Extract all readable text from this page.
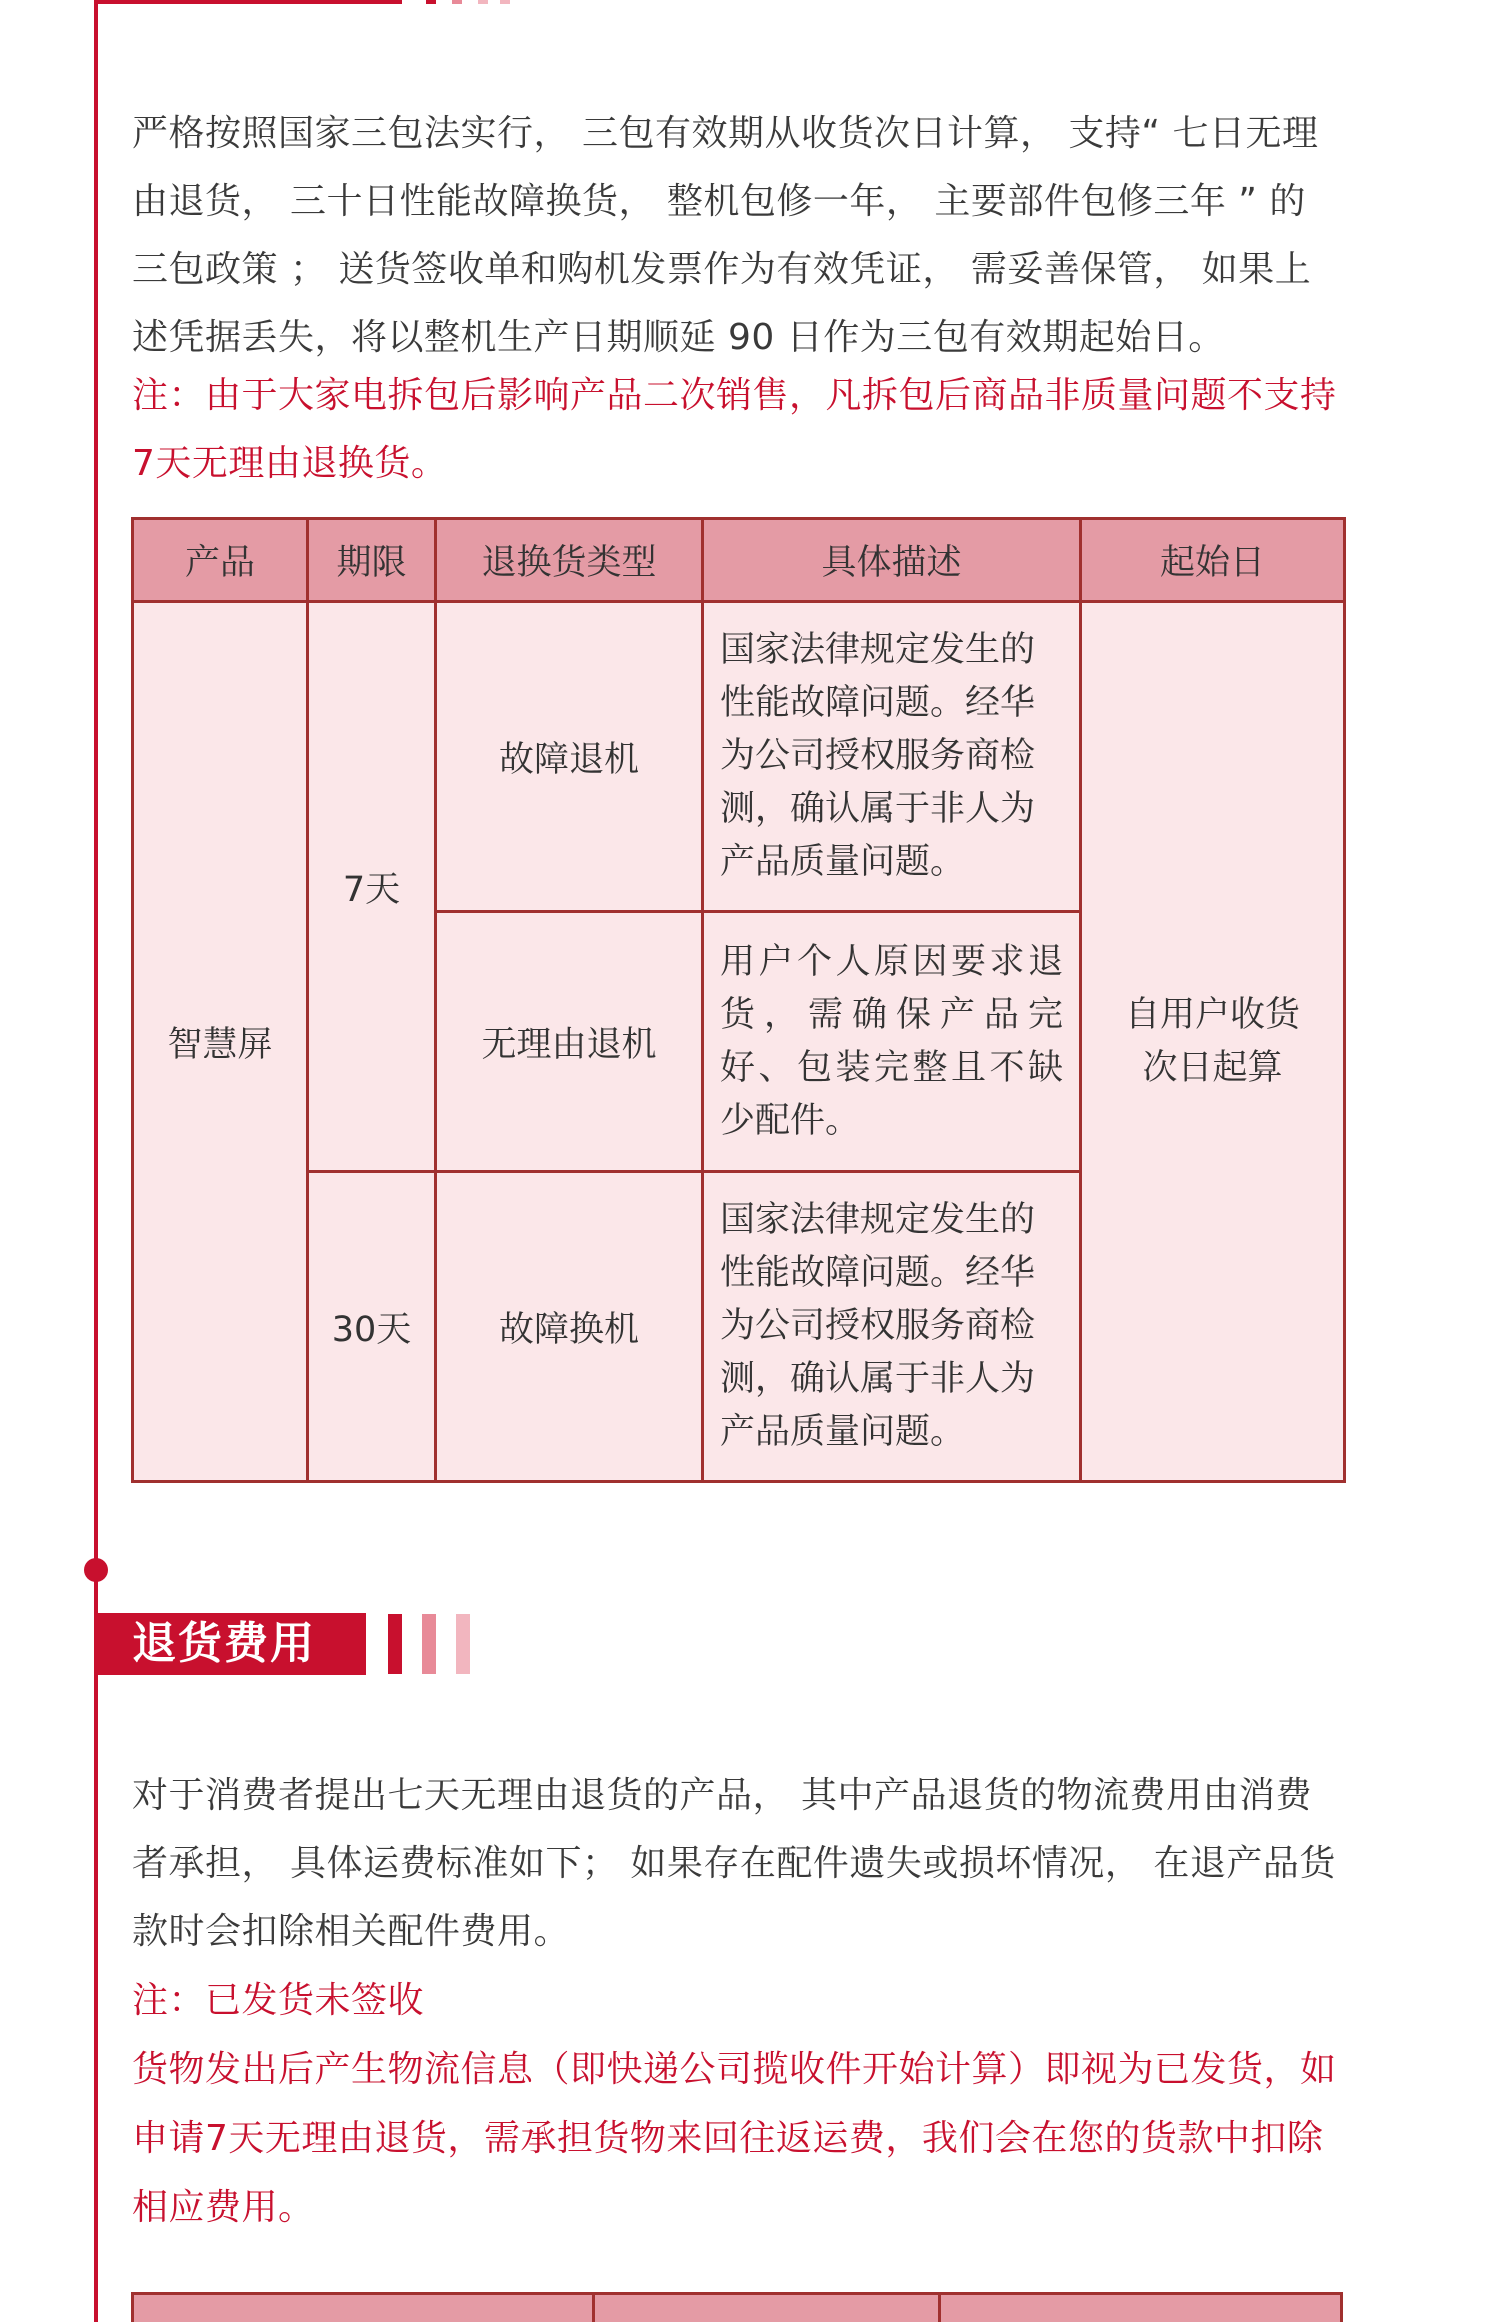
严格按照国家三包法实行， 三包有效期从收货次日计算， 支持“ 七日无理由退货， 三十日性能故障换货， 整机包修一年， 主要部件包修三年 ” 的三包政策 ； 送货签收单和购机发票作为有效凭证， 需妥善保管， 如果上述凭据丢失，将以整机生产日期顺延 90 日作为三包有效期起始日。

注：由于大家电拆包后影响产品二次销售，凡拆包后商品非质量问题不支持7天无理由退换货。

产品	期限	退换货类型	具体描述	起始日
智慧屏	7天	故障退机	国家法律规定发生的性能故障问题。经华为公司授权服务商检测，确认属于非人为产品质量问题。	自用户收货次日起算
		无理由退机	用户个人原因要求退货，需确保产品完好、包装完整且不缺少配件。	
	30天	故障换机	国家法律规定发生的性能故障问题。经华为公司授权服务商检测，确认属于非人为产品质量问题。	
退货费用

对于消费者提出七天无理由退货的产品， 其中产品退货的物流费用由消费者承担， 具体运费标准如下； 如果存在配件遗失或损坏情况， 在退产品货款时会扣除相关配件费用。

注：已发货未签收
货物发出后产生物流信息（即快递公司揽收件开始计算）即视为已发货，如申请7天无理由退货，需承担货物来回往返运费，我们会在您的货款中扣除相应费用。
